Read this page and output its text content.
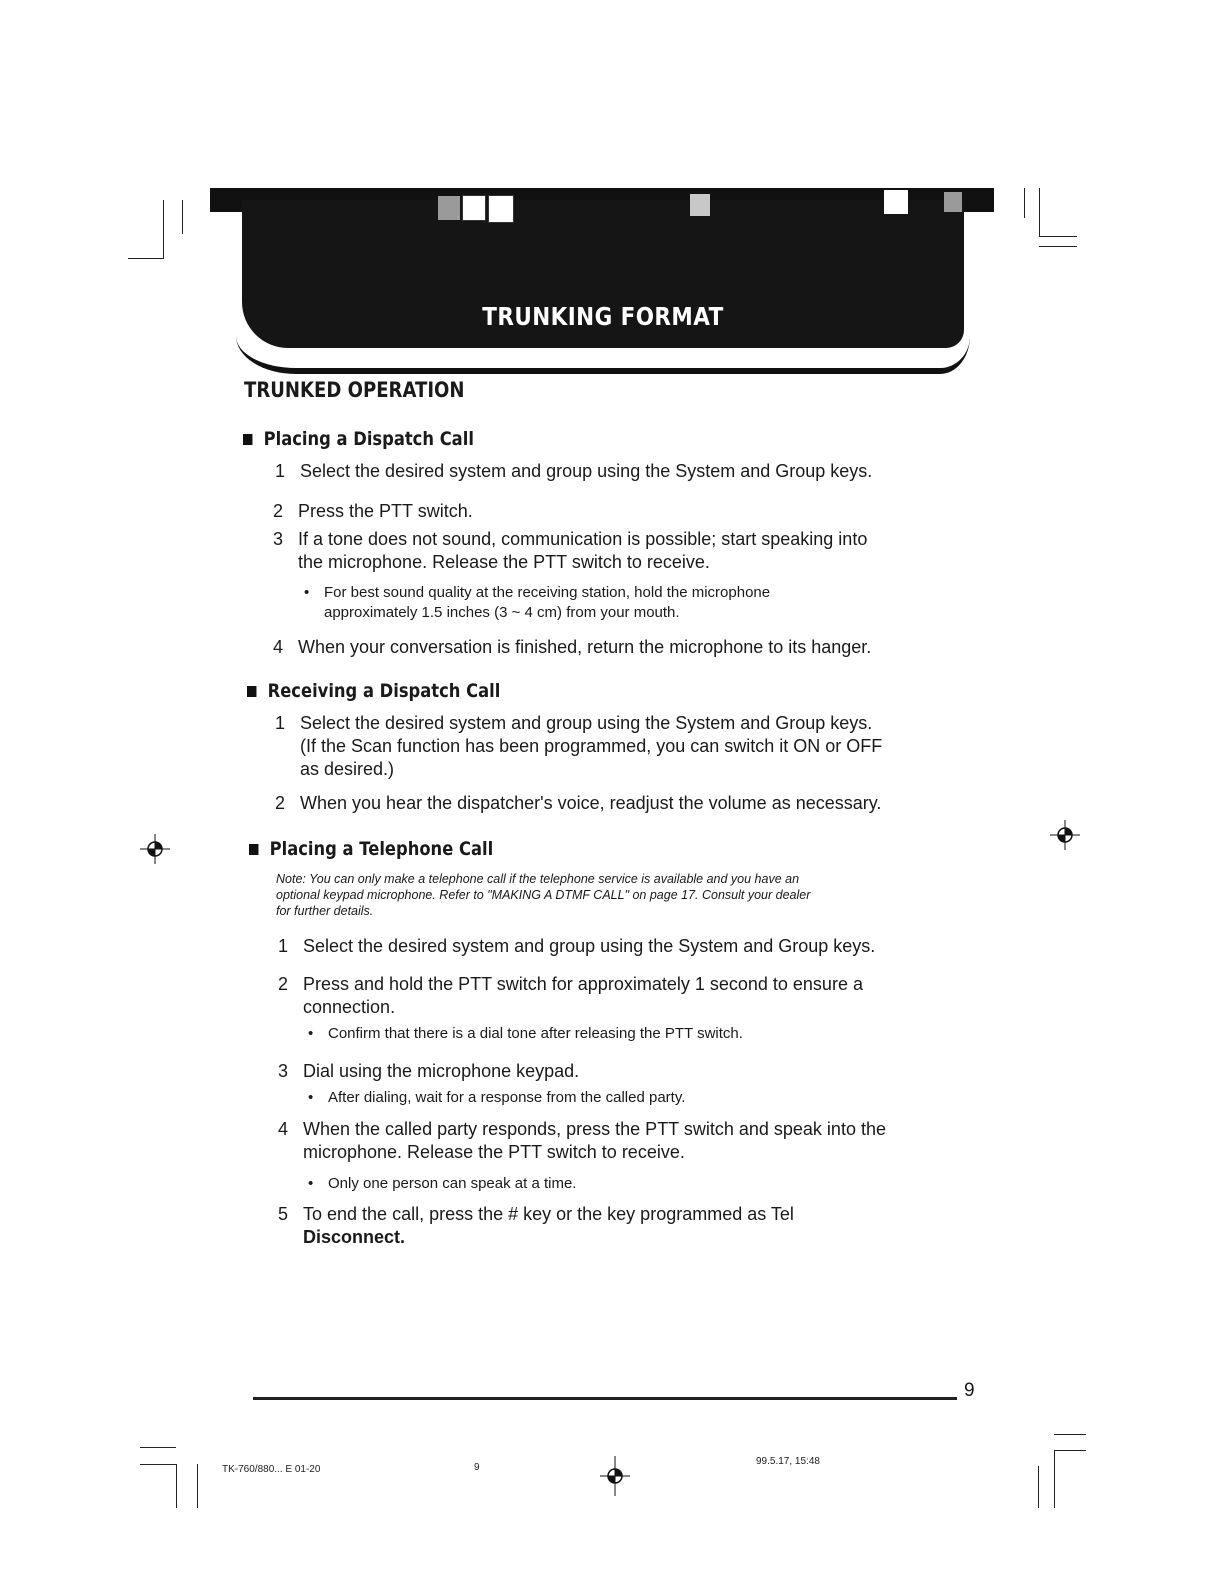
TRUNKING FORMAT
TRUNKED OPERATION
Placing a Dispatch Call
1 Select the desired system and group using the System and Group keys.
2 Press the PTT switch.
3 If a tone does not sound, communication is possible; start speaking into
the microphone. Release the PTT switch to receive.
• For best sound quality at the receiving station, hold the microphone
approximately 1.5 inches (3 ~ 4 cm) from your mouth.
4 When your conversation is finished, return the microphone to its hanger.
Receiving a Dispatch Call
1 Select the desired system and group using the System and Group keys.
(If the Scan function has been programmed, you can switch it ON or OFF
as desired.)
2 When you hear the dispatcher's voice, readjust the volume as necessary.
Placing a Telephone Call
Note: You can only make a telephone call if the telephone service is available and you have an
optional keypad microphone. Refer to "MAKING A DTMF CALL" on page 17. Consult your dealer
for further details.
1 Select the desired system and group using the System and Group keys.
2 Press and hold the PTT switch for approximately 1 second to ensure a
connection.
• Confirm that there is a dial tone after releasing the PTT switch.
3 Dial using the microphone keypad.
• After dialing, wait for a response from the called party.
4 When the called party responds, press the PTT switch and speak into the
microphone. Release the PTT switch to receive.
• Only one person can speak at a time.
5 To end the call, press the # key or the key programmed as Tel
Disconnect.
9
TK-760/880... E 01-20	9
99.5.17, 15:48
